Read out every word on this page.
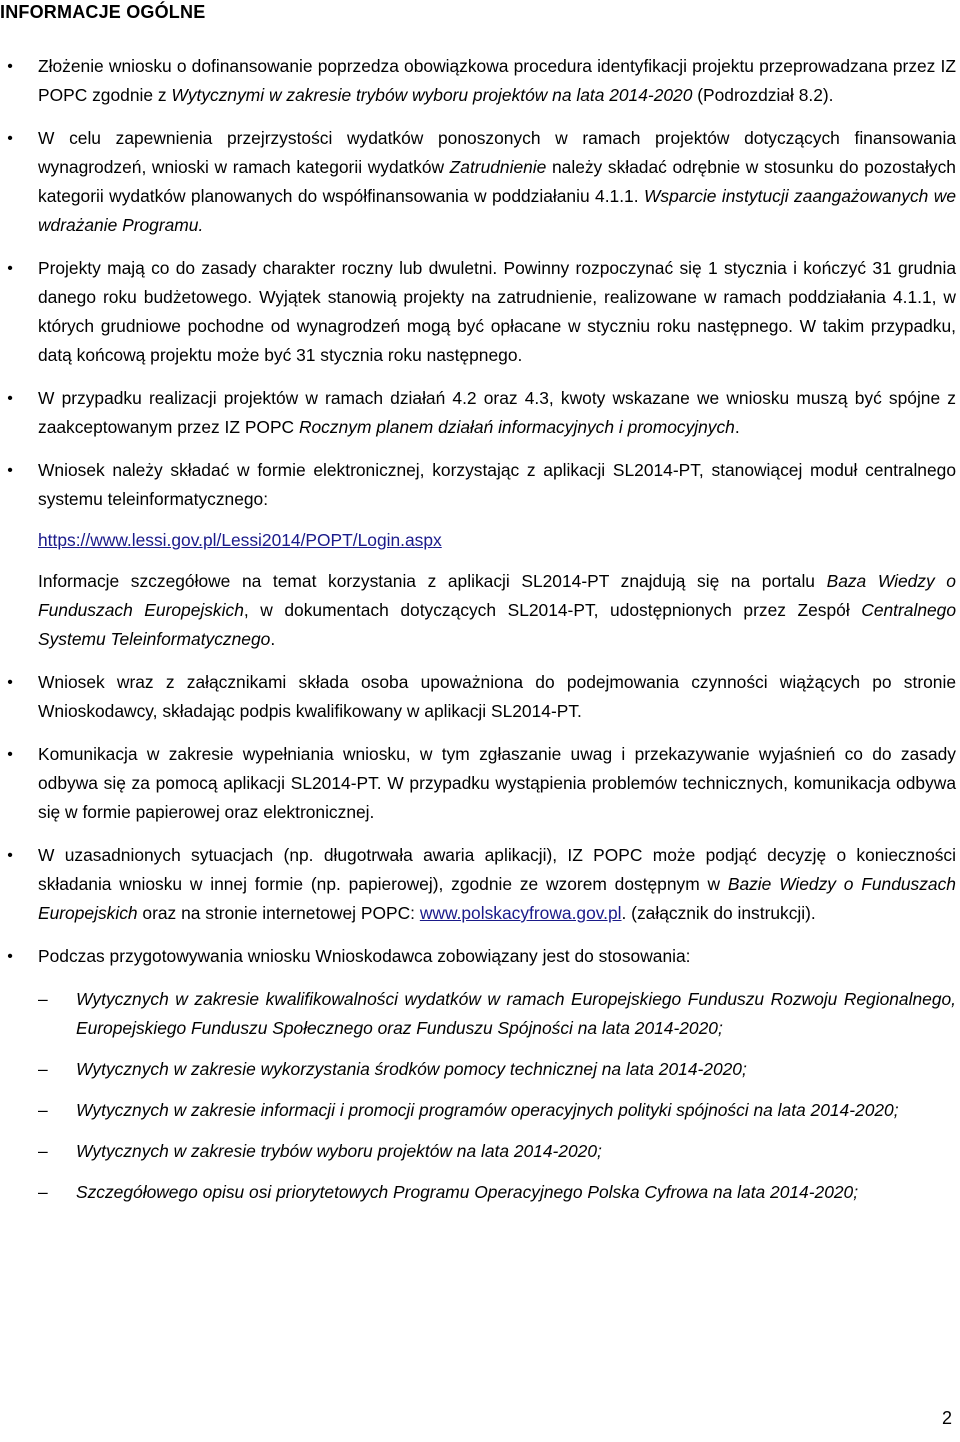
INFORMACJE OGÓLNE
•	Złożenie wniosku o dofinansowanie poprzedza obowiązkowa procedura identyfikacji projektu przeprowadzana przez IZ POPC zgodnie z Wytycznymi w zakresie trybów wyboru projektów na lata 2014-2020 (Podrozdział 8.2).

•	W celu zapewnienia przejrzystości wydatków ponoszonych w ramach projektów dotyczących finansowania wynagrodzeń, wnioski w ramach kategorii wydatków Zatrudnienie należy składać odrębnie w stosunku do pozostałych kategorii wydatków planowanych do współfinansowania w poddziałaniu 4.1.1. Wsparcie instytucji zaangażowanych we wdrażanie Programu.

•	Projekty mają co do zasady charakter roczny lub dwuletni. Powinny rozpoczynać się 1 stycznia i kończyć 31 grudnia danego roku budżetowego. Wyjątek stanowią projekty na zatrudnienie, realizowane w ramach poddziałania 4.1.1, w których grudniowe pochodne od wynagrodzeń mogą być opłacane w styczniu roku następnego. W takim przypadku, datą końcową projektu może być 31 stycznia roku następnego.

•	W przypadku realizacji projektów w ramach działań 4.2 oraz 4.3, kwoty wskazane we wniosku muszą być spójne z zaakceptowanym przez IZ POPC Rocznym planem działań informacyjnych i promocyjnych.

•	Wniosek należy składać w formie elektronicznej, korzystając z aplikacji SL2014-PT, stanowiącej moduł centralnego systemu teleinformatycznego:

https://www.lessi.gov.pl/Lessi2014/POPT/Login.aspx

Informacje szczegółowe na temat korzystania z aplikacji SL2014-PT znajdują się na portalu Baza Wiedzy o Funduszach Europejskich, w dokumentach dotyczących SL2014-PT, udostępnionych przez Zespół Centralnego Systemu Teleinformatycznego.

•	Wniosek wraz z załącznikami składa osoba upoważniona do podejmowania czynności wiążących po stronie Wnioskodawcy, składając podpis kwalifikowany w aplikacji SL2014-PT.

•	Komunikacja w zakresie wypełniania wniosku, w tym zgłaszanie uwag i przekazywanie wyjaśnień co do zasady odbywa się za pomocą aplikacji SL2014-PT. W przypadku wystąpienia problemów technicznych, komunikacja odbywa się w formie papierowej oraz elektronicznej.

•	W uzasadnionych sytuacjach (np. długotrwała awaria aplikacji), IZ POPC może podjąć decyzję o konieczności składania wniosku w innej formie (np. papierowej), zgodnie ze wzorem dostępnym w Bazie Wiedzy o Funduszach Europejskich oraz na stronie internetowej POPC: www.polskacyfrowa.gov.pl. (załącznik do instrukcji).

•	Podczas przygotowywania wniosku Wnioskodawca zobowiązany jest do stosowania:

– Wytycznych w zakresie kwalifikowalności wydatków w ramach Europejskiego Funduszu Rozwoju Regionalnego, Europejskiego Funduszu Społecznego oraz Funduszu Spójności na lata 2014-2020;
– Wytycznych w zakresie wykorzystania środków pomocy technicznej na lata 2014-2020;
– Wytycznych w zakresie informacji i promocji programów operacyjnych polityki spójności na lata 2014-2020;
– Wytycznych w zakresie trybów wyboru projektów na lata 2014-2020;
– Szczegółowego opisu osi priorytetowych Programu Operacyjnego Polska Cyfrowa na lata 2014-2020;
2
